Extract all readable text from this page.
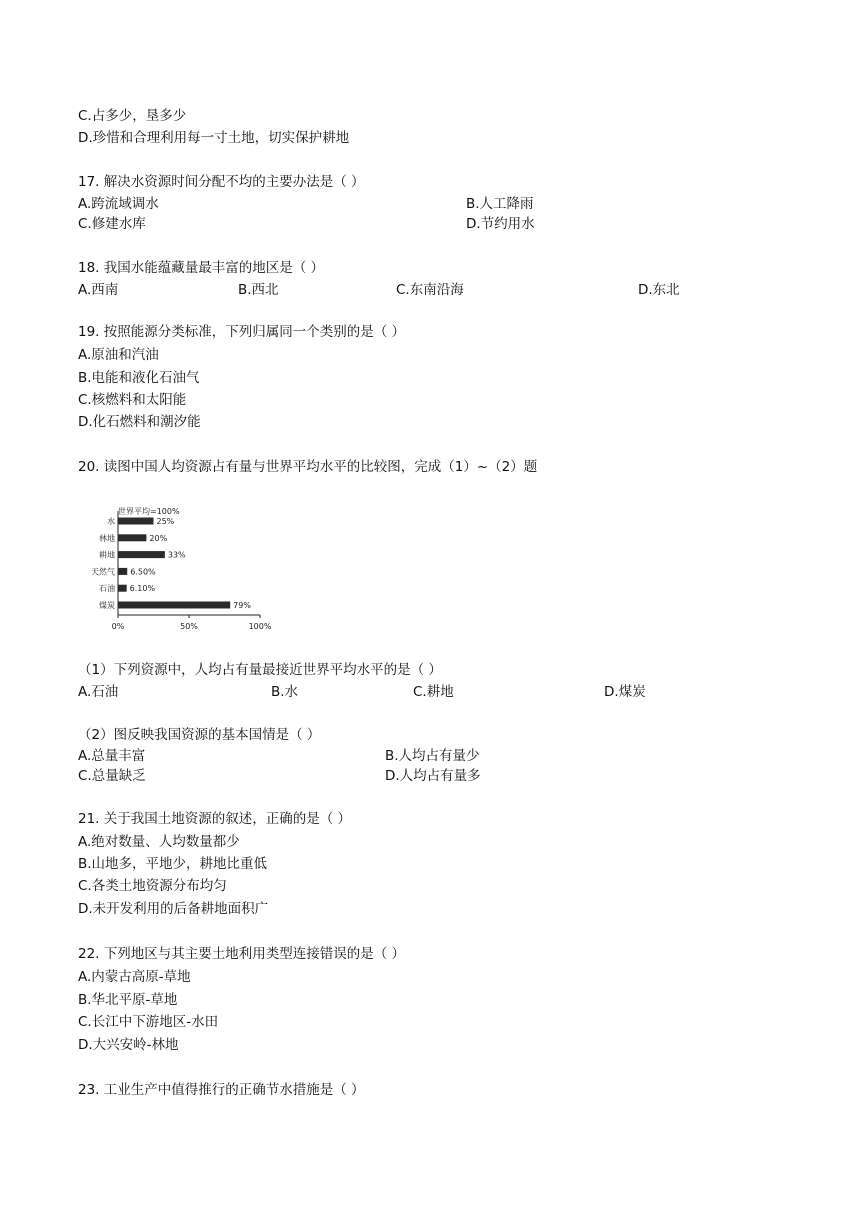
C.占多少，垦多少
D.珍惜和合理利用每一寸土地，切实保护耕地
17. 解决水资源时间分配不均的主要办法是（ ）
A.跨流域调水	B.人工降雨
C.修建水库	D.节约用水
18. 我国水能蕴藏量最丰富的地区是（ ）
A.西南	B.西北	C.东南沿海	D.东北
19. 按照能源分类标准，下列归属同一个类别的是（ ）
A.原油和汽油
B.电能和液化石油气
C.核燃料和太阳能
D.化石燃料和潮汐能
20. 读图中国人均资源占有量与世界平均水平的比较图，完成（1）~（2）题
世界平均=100%
水	25%
林地	20%
耕地	33%
天然气 6.50%
石油 6.10%
煤炭	79%
0%	50%	100%
（1）下列资源中，人均占有量最接近世界平均水平的是（ ）
A.石油	B.水	C.耕地	D.煤炭
（2）图反映我国资源的基本国情是（ ）
A.总量丰富	B.人均占有量少
C.总量缺乏	D.人均占有量多
21. 关于我国土地资源的叙述，正确的是（ ）
A.绝对数量、人均数量都少
B.山地多，平地少，耕地比重低
C.各类土地资源分布均匀
D.未开发利用的后备耕地面积广
22. 下列地区与其主要土地利用类型连接错误的是（ ）
A.内蒙古高原-草地
B.华北平原-草地
C.长江中下游地区-水田
D.大兴安岭-林地
23. 工业生产中值得推行的正确节水措施是（ ）
